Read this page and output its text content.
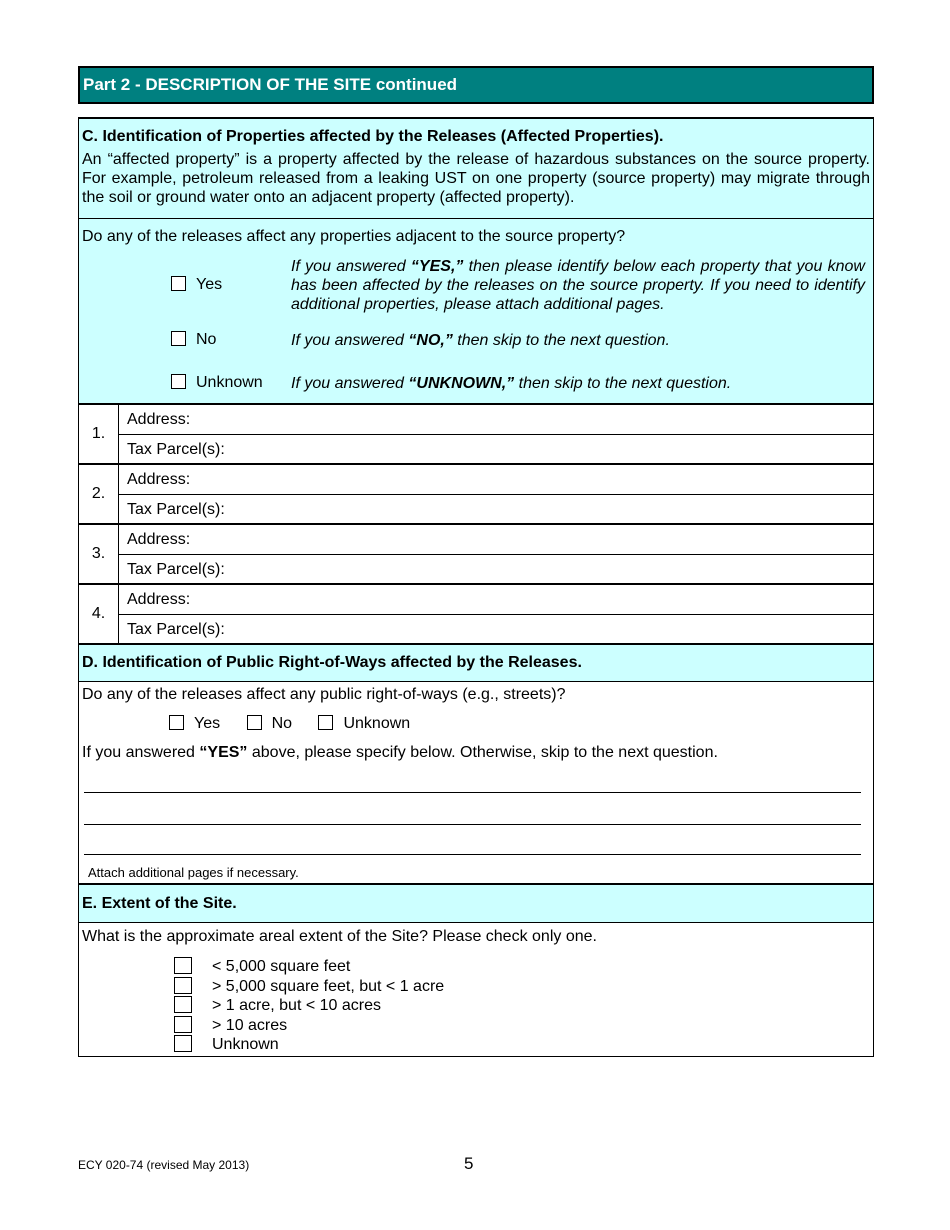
Part 2 - DESCRIPTION OF THE SITE continued
C. Identification of Properties affected by the Releases (Affected Properties).
An “affected property” is a property affected by the release of hazardous substances on the source property. For example, petroleum released from a leaking UST on one property (source property) may migrate through the soil or ground water onto an adjacent property (affected property).
Do any of the releases affect any properties adjacent to the source property?
Yes
If you answered “YES,” then please identify below each property that you know has been affected by the releases on the source property. If you need to identify additional properties, please attach additional pages.
No	If you answered “NO,” then skip to the next question.
Unknown If you answered “UNKNOWN,” then skip to the next question.
1.
Address:
Tax Parcel(s):
2.
Address:
Tax Parcel(s):
3.
Address:
Tax Parcel(s):
4.
Address:
Tax Parcel(s):
D. Identification of Public Right-of-Ways affected by the Releases.
Do any of the releases affect any public right-of-ways (e.g., streets)?
Yes	No	Unknown
If you answered “YES” above, please specify below. Otherwise, skip to the next question.
Attach additional pages if necessary.
E. Extent of the Site.
What is the approximate areal extent of the Site? Please check only one.
< 5,000 square feet
> 5,000 square feet, but < 1 acre
> 1 acre, but < 10 acres
> 10 acres
Unknown
ECY 020-74 (revised May 2013)	5
